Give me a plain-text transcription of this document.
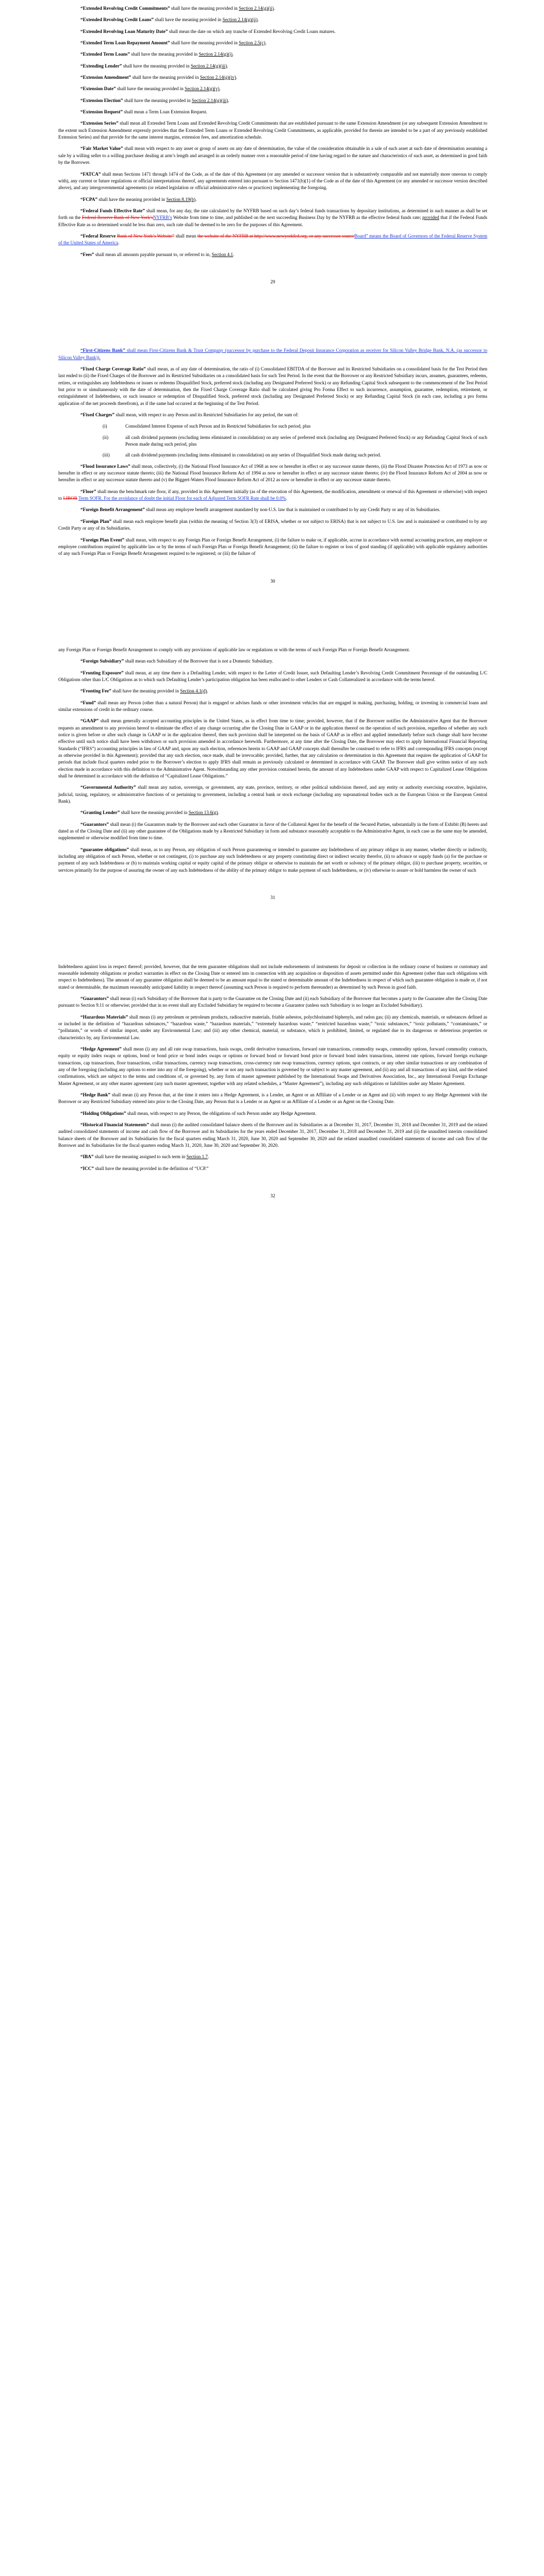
“Extended Revolving Credit Commitments” shall have the meaning provided in Section 2.14(g)(ii).

“Extended Revolving Credit Loans” shall have the meaning provided in Section 2.14(g)(ii).

“Extended Revolving Loan Maturity Date” shall mean the date on which any tranche of Extended Revolving Credit Loans matures.

“Extended Term Loan Repayment Amount” shall have the meaning provided in Section 2.5(c).

“Extended Term Loans” shall have the meaning provided in Section 2.14(g)(i).

“Extending Lender” shall have the meaning provided in Section 2.14(g)(iii).

“Extension Amendment” shall have the meaning provided in Section 2.14(g)(iv).

“Extension Date” shall have the meaning provided in Section 2.14(g)(v).

“Extension Election” shall have the meaning provided in Section 2.14(g)(iii).

“Extension Request” shall mean a Term Loan Extension Request.

“Extension Series” shall mean all Extended Term Loans and Extended Revolving Credit Commitments that are established pursuant to the same Extension Amendment (or any subsequent Extension Amendment to the extent such Extension Amendment expressly provides that the Extended Term Loans or Extended Revolving Credit Commitments, as applicable, provided for therein are intended to be a part of any previously established Extension Series) and that provide for the same interest margins, extension fees, and amortization schedule.

“Fair Market Value” shall mean with respect to any asset or group of assets on any date of determination, the value of the consideration obtainable in a sale of such asset at such date of determination assuming a sale by a willing seller to a willing purchaser dealing at arm’s length and arranged in an orderly manner over a reasonable period of time having regard to the nature and characteristics of such asset, as determined in good faith by the Borrower.

“FATCA” shall mean Sections 1471 through 1474 of the Code, as of the date of this Agreement (or any amended or successor version that is substantively comparable and not materially more onerous to comply with), any current or future regulations or official interpretations thereof, any agreements entered into pursuant to Section 1471(b)(1) of the Code as of the date of this Agreement (or any amended or successor version described above), and any intergovernmental agreements (or related legislation or official administrative rules or practices) implementing the foregoing.

“FCPA” shall have the meaning provided in Section 8.19(b).

“Federal Funds Effective Rate” shall mean, for any day, the rate calculated by the NYFRB based on such day’s federal funds transactions by depositary institutions, as determined in such manner as shall be set forth on the Federal Reserve Bank of New York’sNYFRB’s Website from time to time, and published on the next succeeding Business Day by the NYFRB as the effective federal funds rate; provided that if the Federal Funds Effective Rate as so determined would be less than zero, such rate shall be deemed to be zero for the purposes of this Agreement.

“Federal Reserve Bank of New York’s Website” shall mean the website of the NYFRB at http://www.newyorkfed.org, or any successor sourceBoard” means the Board of Governors of the Federal Reserve System of the United States of America.

“Fees” shall mean all amounts payable pursuant to, or referred to in, Section 4.1.

29

“First-Citizens Bank” shall mean First-Citizens Bank & Trust Company (successor by purchase to the Federal Deposit Insurance Corporation as receiver for Silicon Valley Bridge Bank, N.A. (as successor to Silicon Valley Bank)).

“Fixed Charge Coverage Ratio” shall mean, as of any date of determination, the ratio of (i) Consolidated EBITDA of the Borrower and its Restricted Subsidiaries on a consolidated basis for the Test Period then last ended to (ii) the Fixed Charges of the Borrower and its Restricted Subsidiaries on a consolidated basis for such Test Period. In the event that the Borrower or any Restricted Subsidiary incurs, assumes, guarantees, redeems, retires, or extinguishes any Indebtedness or issues or redeems Disqualified Stock, preferred stock (including any Designated Preferred Stock) or any Refunding Capital Stock subsequent to the commencement of the Test Period but prior to or simultaneously with the date of determination, then the Fixed Charge Coverage Ratio shall be calculated giving Pro Forma Effect to such incurrence, assumption, guarantee, redemption, retirement, or extinguishment of Indebtedness, or such issuance or redemption of Disqualified Stock, preferred stock (including any Designated Preferred Stock) or any Refunding Capital Stock (in each case, including a pro forma application of the net proceeds therefrom), as if the same had occurred at the beginning of the Test Period.

“Fixed Charges” shall mean, with respect to any Person and its Restricted Subsidiaries for any period, the sum of:

(i)	Consolidated Interest Expense of such Person and its Restricted Subsidiaries for such period, plus
(ii)	all cash dividend payments (excluding items eliminated in consolidation) on any series of preferred stock (including any Designated Preferred Stock) or any Refunding Capital Stock of such Person made during such period, plus
(iii)	all cash dividend payments (excluding items eliminated in consolidation) on any series of Disqualified Stock made during such period.

“Flood Insurance Laws” shall mean, collectively, (i) the National Flood Insurance Act of 1968 as now or hereafter in effect or any successor statute thereto, (ii) the Flood Disaster Protection Act of 1973 as now or hereafter in effect or any successor statute thereto; (iii) the National Flood Insurance Reform Act of 1994 as now or hereafter in effect or any successor statute thereto; (iv) the Flood Insurance Reform Act of 2004 as now or hereafter in effect or any successor statute thereto and (v) the Biggert-Waters Flood Insurance Reform Act of 2012 as now or hereafter in effect or any successor statute thereto.

“Floor” shall mean the benchmark rate floor, if any, provided in this Agreement initially (as of the execution of this Agreement, the modification, amendment or renewal of this Agreement or otherwise) with respect to LIBOR Term SOFR. For the avoidance of doubt the initial Floor for each of Adjusted Term SOFR Rate shall be 0.0%.

“Foreign Benefit Arrangement” shall mean any employee benefit arrangement mandated by non-U.S. law that is maintained or contributed to by any Credit Party or any of its Subsidiaries.

“Foreign Plan” shall mean each employee benefit plan (within the meaning of Section 3(3) of ERISA, whether or not subject to ERISA) that is not subject to U.S. law and is maintained or contributed to by any Credit Party or any of its Subsidiaries.

“Foreign Plan Event” shall mean, with respect to any Foreign Plan or Foreign Benefit Arrangement, (i) the failure to make or, if applicable, accrue in accordance with normal accounting practices, any employer or employee contributions required by applicable law or by the terms of such Foreign Plan or Foreign Benefit Arrangement; (ii) the failure to register or loss of good standing (if applicable) with applicable regulatory authorities of any such Foreign Plan or Foreign Benefit Arrangement required to be registered; or (iii) the failure of

30

any Foreign Plan or Foreign Benefit Arrangement to comply with any provisions of applicable law or regulations or with the terms of such Foreign Plan or Foreign Benefit Arrangement.

“Foreign Subsidiary” shall mean each Subsidiary of the Borrower that is not a Domestic Subsidiary.

“Fronting Exposure” shall mean, at any time there is a Defaulting Lender, with respect to the Letter of Credit Issuer, such Defaulting Lender’s Revolving Credit Commitment Percentage of the outstanding L/C Obligations other than L/C Obligations as to which such Defaulting Lender’s participation obligation has been reallocated to other Lenders or Cash Collateralized in accordance with the terms hereof.

“Fronting Fee” shall have the meaning provided in Section 4.1(d).

“Fund” shall mean any Person (other than a natural Person) that is engaged or advises funds or other investment vehicles that are engaged in making, purchasing, holding, or investing in commercial loans and similar extensions of credit in the ordinary course.

“GAAP” shall mean generally accepted accounting principles in the United States, as in effect from time to time; provided, however, that if the Borrower notifies the Administrative Agent that the Borrower requests an amendment to any provision hereof to eliminate the effect of any change occurring after the Closing Date in GAAP or in the application thereof on the operation of such provision, regardless of whether any such notice is given before or after such change in GAAP or in the application thereof, then such provision shall be interpreted on the basis of GAAP as in effect and applied immediately before such change shall have become effective until such notice shall have been withdrawn or such provision amended in accordance herewith. Furthermore, at any time after the Closing Date, the Borrower may elect to apply International Financial Reporting Standards (“IFRS”) accounting principles in lieu of GAAP and, upon any such election, references herein to GAAP and GAAP concepts shall thereafter be construed to refer to IFRS and corresponding IFRS concepts (except as otherwise provided in this Agreement); provided that any such election, once made, shall be irrevocable; provided, further, that any calculation or determination in this Agreement that requires the application of GAAP for periods that include fiscal quarters ended prior to the Borrower’s election to apply IFRS shall remain as previously calculated or determined in accordance with GAAP. The Borrower shall give written notice of any such election made in accordance with this definition to the Administrative Agent. Notwithstanding any other provision contained herein, the amount of any Indebtedness under GAAP with respect to Capitalized Lease Obligations shall be determined in accordance with the definition of “Capitalized Lease Obligations.”

“Governmental Authority” shall mean any nation, sovereign, or government, any state, province, territory, or other political subdivision thereof, and any entity or authority exercising executive, legislative, judicial, taxing, regulatory, or administrative functions of or pertaining to government, including a central bank or stock exchange (including any supranational bodies such as the European Union or the European Central Bank).

“Granting Lender” shall have the meaning provided in Section 13.6(g).

“Guarantors” shall mean (i) the Guarantors made by the Borrower and each other Guarantor in favor of the Collateral Agent for the benefit of the Secured Parties, substantially in the form of Exhibit (B) hereto and dated as of the Closing Date and (ii) any other guarantee of the Obligations made by a Restricted Subsidiary in form and substance reasonably acceptable to the Administrative Agent, in each case as the same may be amended, supplemented or otherwise modified from time to time.

“guarantee obligations” shall mean, as to any Person, any obligation of such Person guaranteeing or intended to guarantee any Indebtedness of any primary obligor in any manner, whether directly or indirectly, including any obligation of such Person, whether or not contingent, (i) to purchase any such Indebtedness or any property constituting direct or indirect security therefor, (ii) to advance or supply funds (a) for the purchase or payment of any such Indebtedness or (b) to maintain working capital or equity capital of the primary obligor or otherwise to maintain the net worth or solvency of the primary obligor, (iii) to purchase property, securities, or services primarily for the purpose of assuring the owner of any such Indebtedness of the ability of the primary obligor to make payment of such Indebtedness, or (iv) otherwise to assure or hold harmless the owner of such

31

Indebtedness against loss in respect thereof; provided, however, that the term guarantee obligations shall not include endorsements of instruments for deposit or collection in the ordinary course of business or customary and reasonable indemnity obligations or product warranties in effect on the Closing Date or entered into in connection with any acquisition or disposition of assets permitted under this Agreement (other than such obligations with respect to Indebtedness). The amount of any guarantee obligation shall be deemed to be an amount equal to the stated or determinable amount of the Indebtedness in respect of which such guarantee obligation is made or, if not stated or determinable, the maximum reasonably anticipated liability in respect thereof (assuming such Person is required to perform thereunder) as determined by such Person in good faith.

“Guarantors” shall mean (i) each Subsidiary of the Borrower that is party to the Guarantee on the Closing Date and (ii) each Subsidiary of the Borrower that becomes a party to the Guarantee after the Closing Date pursuant to Section 9.11 or otherwise; provided that in no event shall any Excluded Subsidiary be required to become a Guarantor (unless such Subsidiary is no longer an Excluded Subsidiary).

“Hazardous Materials” shall mean (i) any petroleum or petroleum products, radioactive materials, friable asbestos, polychlorinated biphenyls, and radon gas; (ii) any chemicals, materials, or substances defined as or included in the definition of “hazardous substances,” “hazardous waste,” “hazardous materials,” “extremely hazardous waste,” “restricted hazardous waste,” “toxic substances,” “toxic pollutants,” “contaminants,” or “pollutants,” or words of similar import, under any Environmental Law; and (iii) any other chemical, material, or substance, which is prohibited, limited, or regulated due to its dangerous or deleterious properties or characteristics by, any Environmental Law.

“Hedge Agreement” shall mean (i) any and all rate swap transactions, basis swaps, credit derivative transactions, forward rate transactions, commodity swaps, commodity options, forward commodity contracts, equity or equity index swaps or options, bond or bond price or bond index swaps or options or forward bond or forward bond price or forward bond index transactions, interest rate options, forward foreign exchange transactions, cap transactions, floor transactions, collar transactions, currency swap transactions, cross-currency rate swap transactions, currency options, spot contracts, or any other similar transactions or any combination of any of the foregoing (including any options to enter into any of the foregoing), whether or not any such transaction is governed by or subject to any master agreement, and (ii) any and all transactions of any kind, and the related confirmations, which are subject to the terms and conditions of, or governed by, any form of master agreement published by the International Swaps and Derivatives Association, Inc., any International Foreign Exchange Master Agreement, or any other master agreement (any such master agreement, together with any related schedules, a “Master Agreement”), including any such obligations or liabilities under any Master Agreement.

“Hedge Bank” shall mean (i) any Person that, at the time it enters into a Hedge Agreement, is a Lender, an Agent or an Affiliate of a Lender or an Agent and (ii) with respect to any Hedge Agreement with the Borrower or any Restricted Subsidiary entered into prior to the Closing Date, any Person that is a Lender or an Agent or an Affiliate of a Lender or an Agent on the Closing Date.

“Holding Obligations” shall mean, with respect to any Person, the obligations of such Person under any Hedge Agreement.

“Historical Financial Statements” shall mean (i) the audited consolidated balance sheets of the Borrower and its Subsidiaries as at December 31, 2017, December 31, 2018 and December 31, 2019 and the related audited consolidated statements of income and cash flow of the Borrower and its Subsidiaries for the years ended December 31, 2017, December 31, 2018 and December 31, 2019 and (ii) the unaudited interim consolidated balance sheets of the Borrower and its Subsidiaries for the fiscal quarters ending March 31, 2020, June 30, 2020 and September 30, 2020 and the related unaudited consolidated statements of income and cash flow of the Borrower and its Subsidiaries for the fiscal quarters ending March 31, 2020, June 30, 2020 and September 30, 2020.

“IBA” shall have the meaning assigned to such term in Section 1.7.

“ICC” shall have the meaning provided in the definition of “UCP.”

32
